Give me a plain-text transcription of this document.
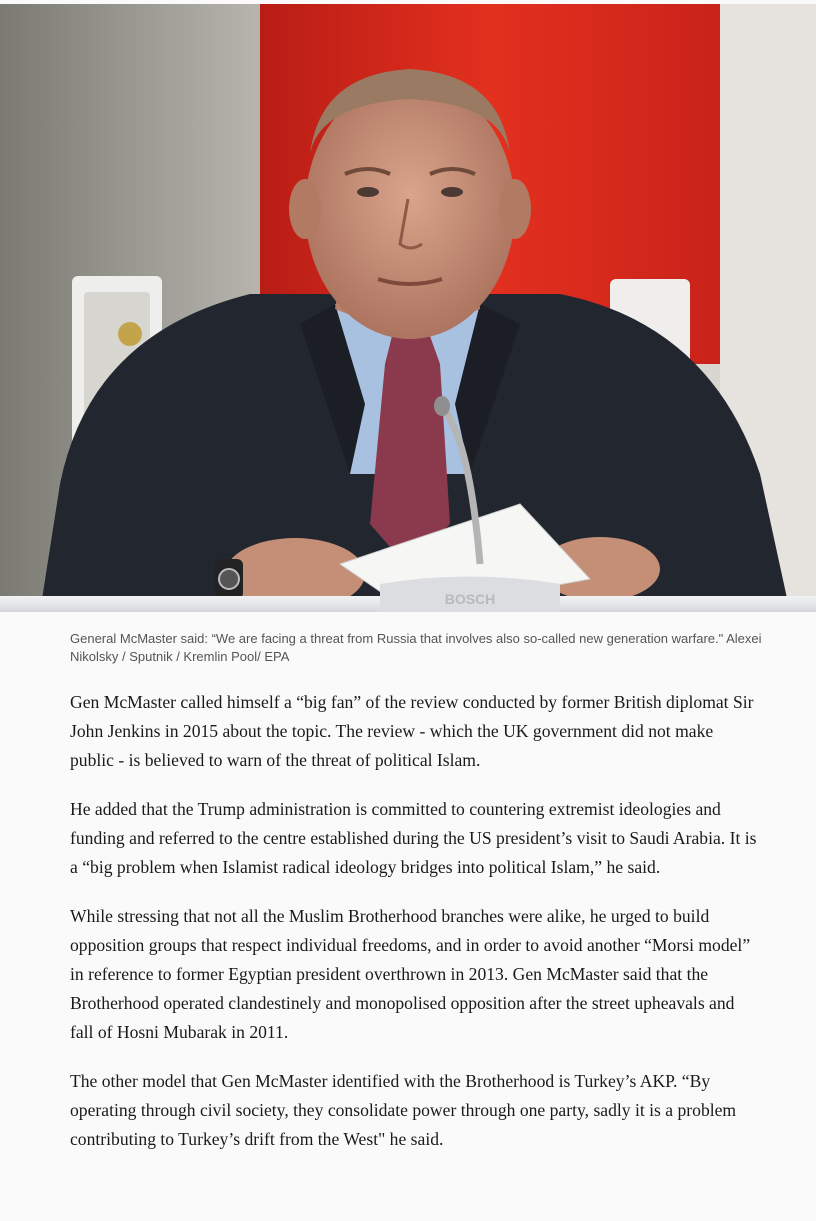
BOSCH

General McMaster said: “We are facing a threat from Russia that involves also so-called new generation warfare." Alexei Nikolsky / Sputnik / Kremlin Pool/ EPA

Gen McMaster called himself a “big fan” of the review conducted by former British diplomat Sir John Jenkins in 2015 about the topic. The review - which the UK government did not make public - is believed to warn of the threat of political Islam.

He added that the Trump administration is committed to countering extremist ideologies and funding and referred to the centre established during the US president’s visit to Saudi Arabia. It is a “big problem when Islamist radical ideology bridges into political Islam,” he said.

While stressing that not all the Muslim Brotherhood branches were alike, he urged to build opposition groups that respect individual freedoms, and in order to avoid another “Morsi model” in reference to former Egyptian president overthrown in 2013. Gen McMaster said that the Brotherhood operated clandestinely and monopolised opposition after the street upheavals and fall of Hosni Mubarak in 2011.

The other model that Gen McMaster identified with the Brotherhood is Turkey’s AKP. “By operating through civil society, they consolidate power through one party, sadly it is a problem contributing to Turkey’s drift from the West" he said.
